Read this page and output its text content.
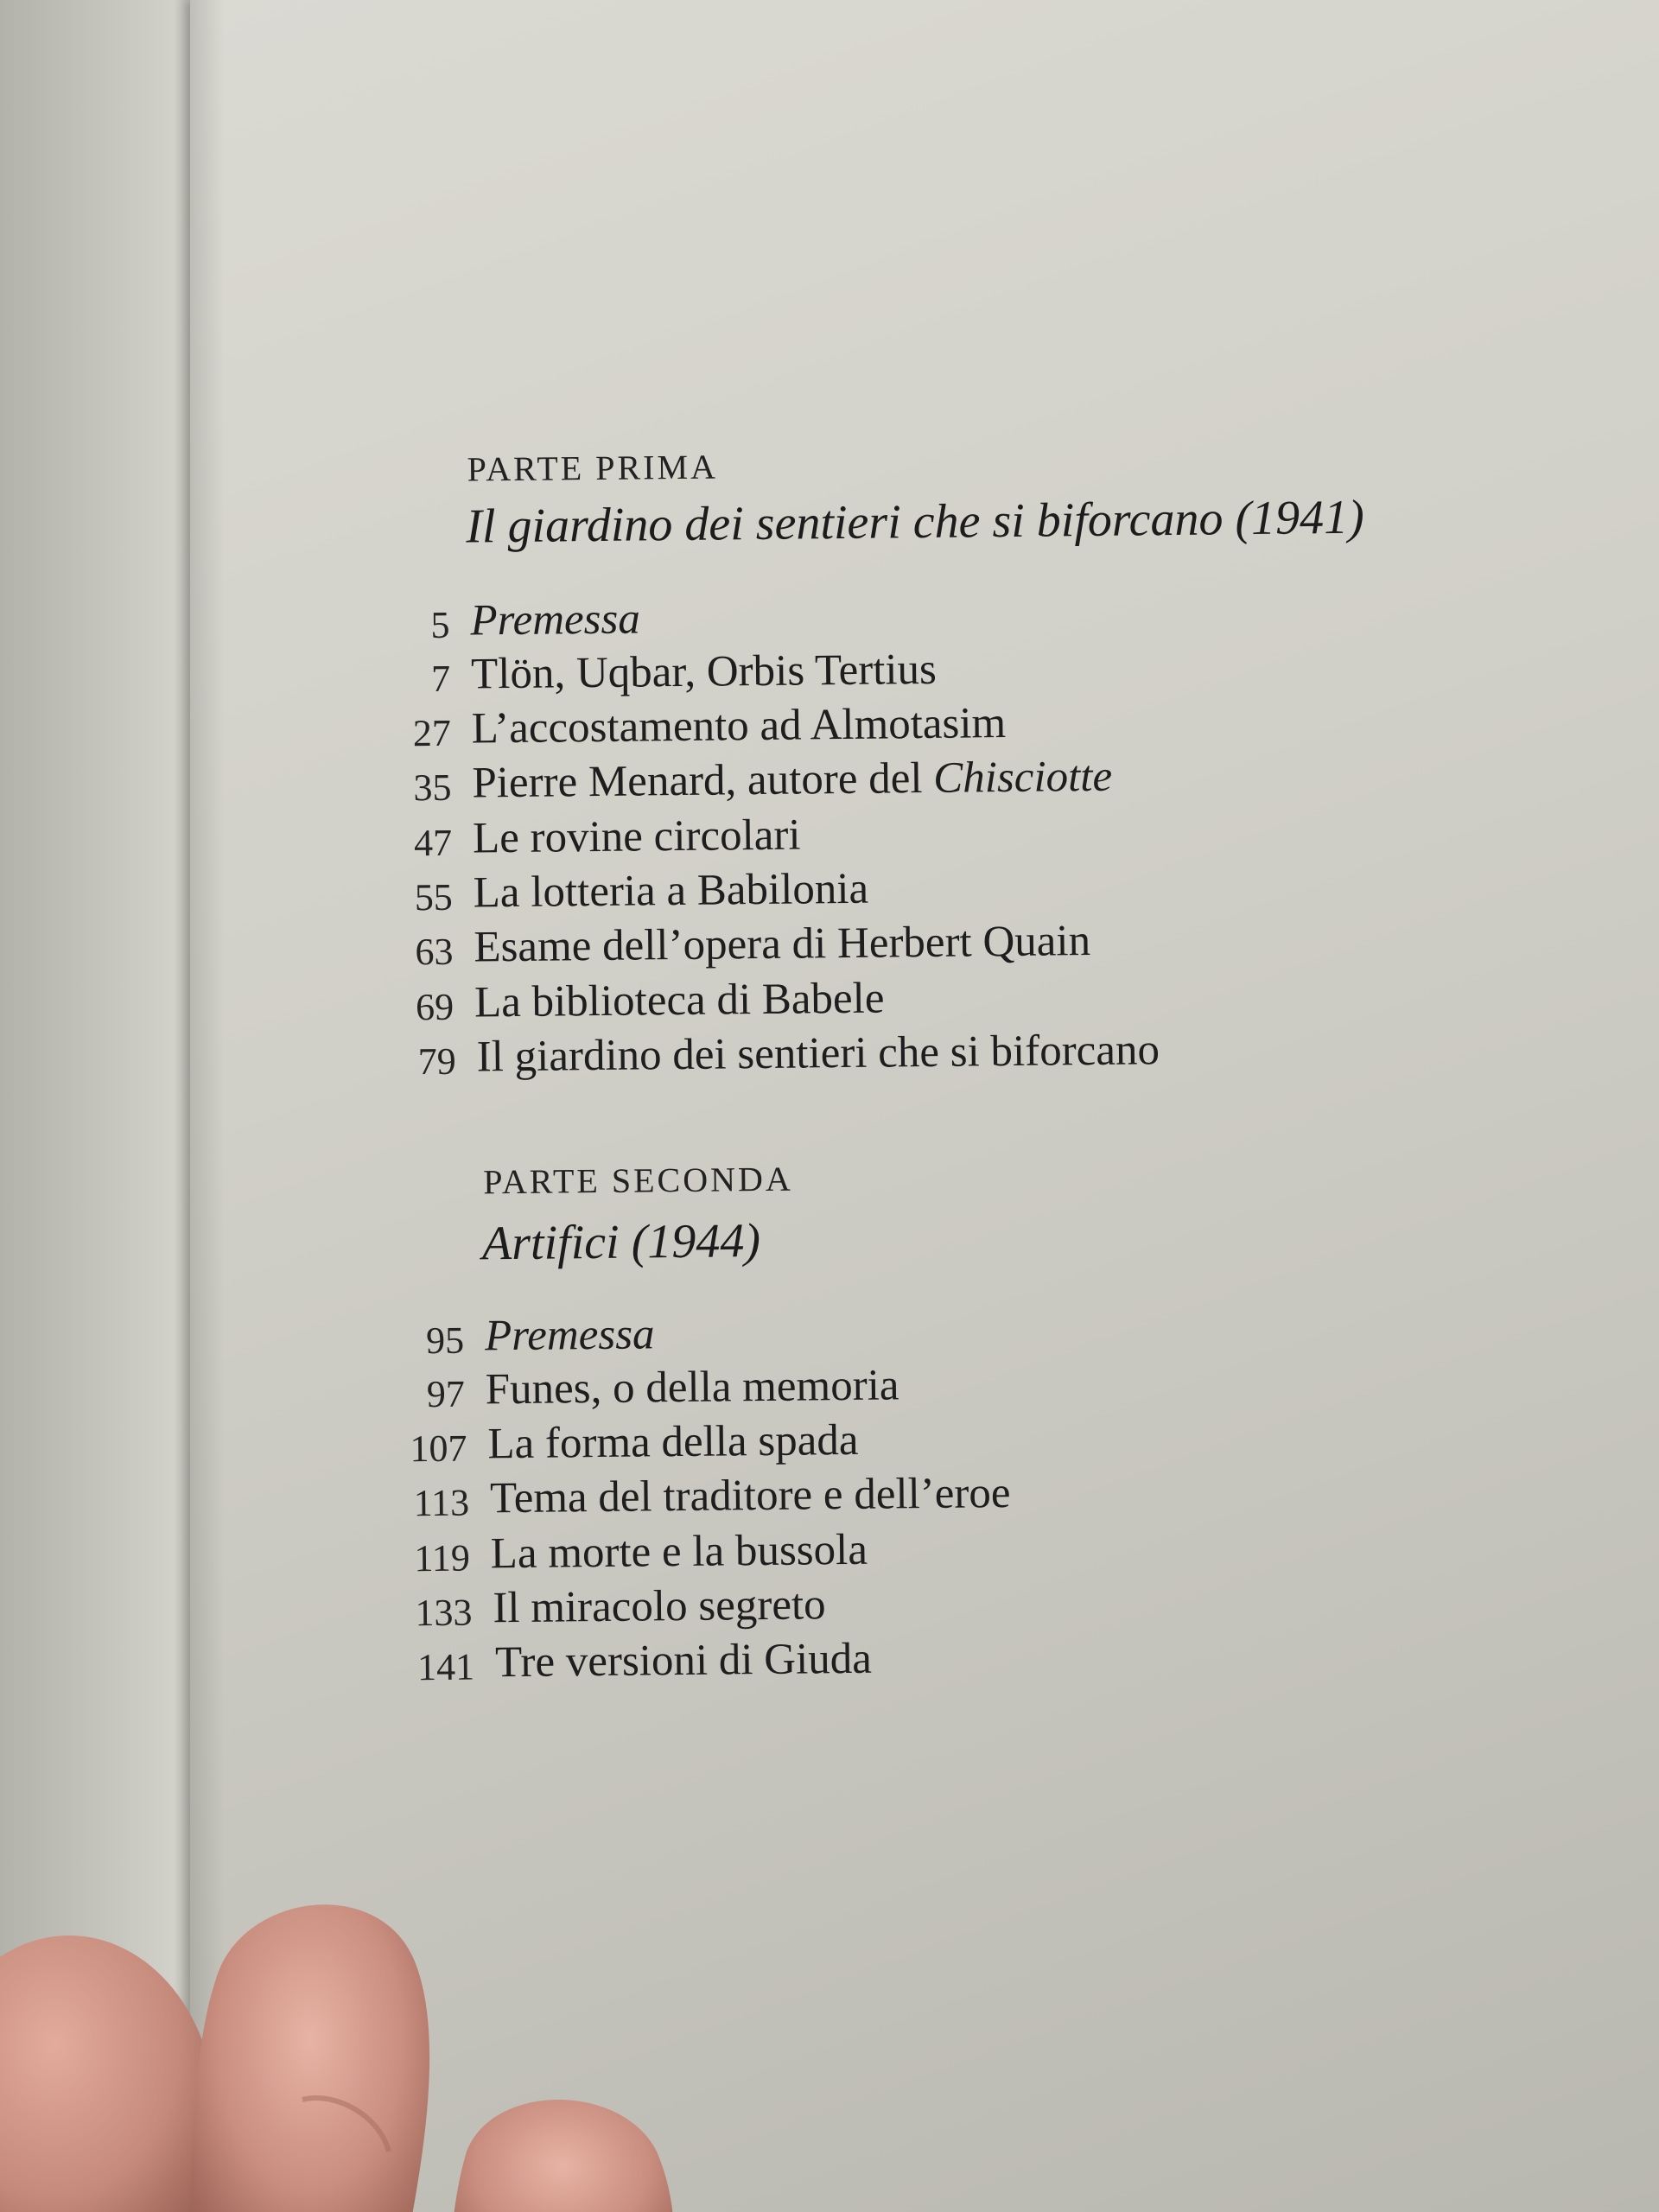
PARTE PRIMA
Il giardino dei sentieri che si biforcano (1941)
5 Premessa
7 Tlön, Uqbar, Orbis Tertius
27 L’accostamento ad Almotasim
35 Pierre Menard, autore del Chisciotte
47 Le rovine circolari
55 La lotteria a Babilonia
63 Esame dell’opera di Herbert Quain
69 La biblioteca di Babele
79 Il giardino dei sentieri che si biforcano
PARTE SECONDA
Artifici (1944)
95 Premessa
97 Funes, o della memoria
107 La forma della spada
113 Tema del traditore e dell’eroe
119 La morte e la bussola
133 Il miracolo segreto
141 Tre versioni di Giuda
